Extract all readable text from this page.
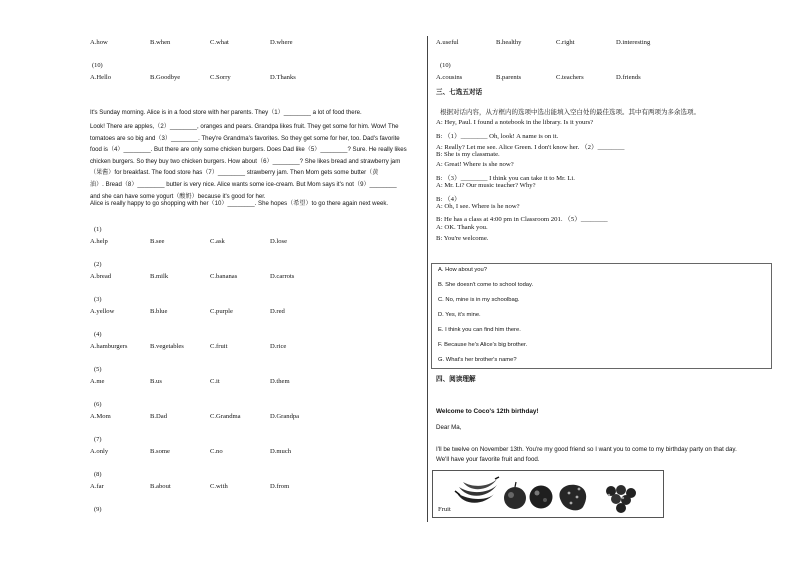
A.how	B.when	C.what	D.where
(10)
A.Hello	B.Goodbye	C.Sorry	D.Thanks
It's Sunday morning. Alice is in a food store with her parents. They（1）________ a lot of food there.
Look! There are apples,（2）________, oranges and pears. Grandpa likes fruit. They get some for him. Wow! The
tomatoes are so big and（3）________. They're Grandma's favorites. So they get some for her, too. Dad's favorite
food is（4）________. But there are only some chicken burgers. Does Dad like（5）________? Sure. He really likes
chicken burgers. So they buy two chicken burgers. How about（6）________? She likes bread and strawberry jam
（果酱）for breakfast. The food store has（7）________ strawberry jam. Then Mom gets some butter（黄
油）. Bread（8）________ butter is very nice. Alice wants some ice-cream. But Mom says it's not（9）________
and she can have some yogurt（酸奶）because it's good for her.
Alice is really happy to go shopping with her（10）________. She hopes（希望）to go there again next week.
(1)
A.help	B.see	C.ask	D.lose
(2)
A.bread	B.milk	C.bananas	D.carrots
(3)
A.yellow	B.blue	C.purple	D.red
(4)
A.hamburgers	B.vegetables	C.fruit	D.rice
(5)
A.me	B.us	C.it	D.them
(6)
A.Mom	B.Dad	C.Grandma	D.Grandpa
(7)
A.only	B.some	C.no	D.much
(8)
A.far	B.about	C.with	D.from
(9)
A.useful	B.healthy	C.right	D.interesting
(10)
A.cousins	B.parents	C.teachers	D.friends
三、七选五对话
根据对话内容，从方框内的选项中选出能填入空白处的最佳选项。其中有两项为多余选项。
A: Hey, Paul. I found a notebook in the library. Is it yours?
B: （1）________ Oh, look! A name is on it.
A: Really? Let me see. Alice Green. I don't know her. （2）________
B: She is my classmate.
A: Great! Where is she now?
B: （3）________ I think you can take it to Mr. Li.
A: Mr. Li? Our music teacher? Why?
B: （4）
A: Oh, I see. Where is he now?
B: He has a class at 4:00 pm in Classroom 201. （5）________
A: OK. Thank you.
B: You're welcome.
A. How about you?
B. She doesn't come to school today.
C. No, mine is in my schoolbag.
D. Yes, it's mine.
E. I think you can find him there.
F. Because he's Alice's big brother.
G. What's her brother's name?
四、阅读理解
Welcome to Coco's 12th birthday!
Dear Ma,
I'll be twelve on November 13th. You're my good friend so I want you to come to my birthday party on that day.
We'll have your favorite fruit and food.
Fruit
